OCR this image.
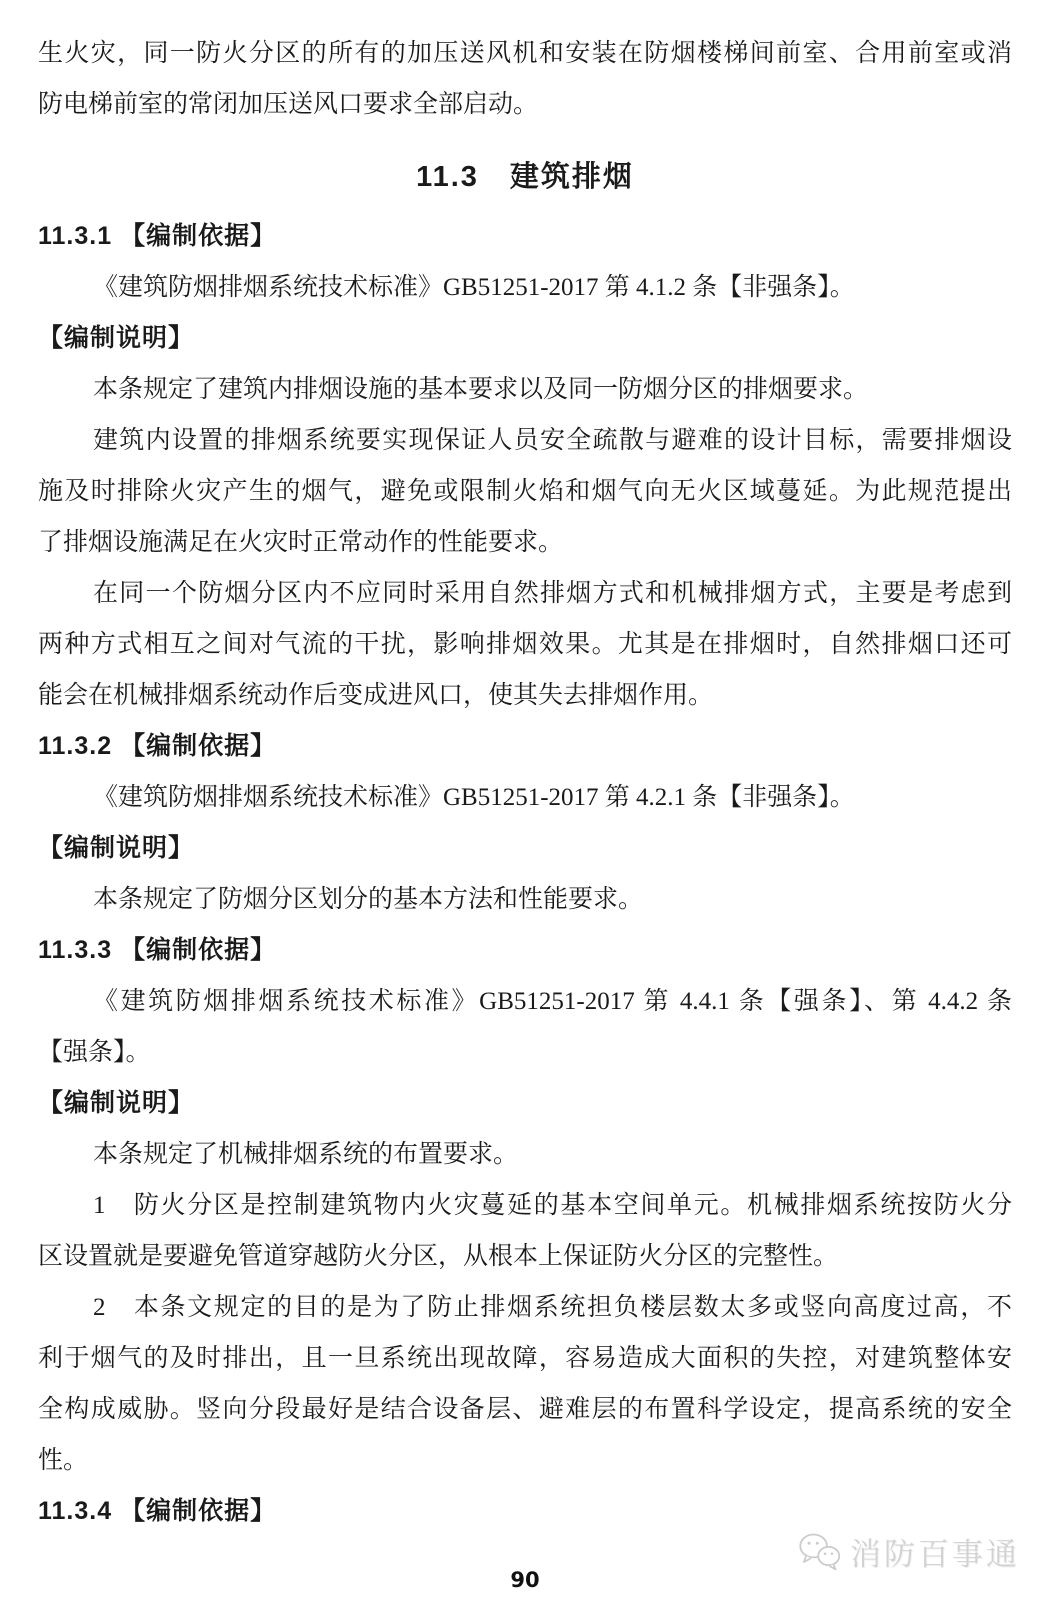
生火灾，同一防火分区的所有的加压送风机和安装在防烟楼梯间前室、合用前室或消
防电梯前室的常闭加压送风口要求全部启动。
11.3　建筑排烟
11.3.1 【编制依据】
《建筑防烟排烟系统技术标准》GB51251-2017 第 4.1.2 条【非强条】。
【编制说明】
本条规定了建筑内排烟设施的基本要求以及同一防烟分区的排烟要求。
建筑内设置的排烟系统要实现保证人员安全疏散与避难的设计目标，需要排烟设
施及时排除火灾产生的烟气，避免或限制火焰和烟气向无火区域蔓延。为此规范提出
了排烟设施满足在火灾时正常动作的性能要求。
在同一个防烟分区内不应同时采用自然排烟方式和机械排烟方式，主要是考虑到
两种方式相互之间对气流的干扰，影响排烟效果。尤其是在排烟时，自然排烟口还可
能会在机械排烟系统动作后变成进风口，使其失去排烟作用。
11.3.2 【编制依据】
《建筑防烟排烟系统技术标准》GB51251-2017 第 4.2.1 条【非强条】。
【编制说明】
本条规定了防烟分区划分的基本方法和性能要求。
11.3.3 【编制依据】
《建筑防烟排烟系统技术标准》GB51251-2017 第 4.4.1 条【强条】、第 4.4.2 条
【强条】。
【编制说明】
本条规定了机械排烟系统的布置要求。
1　防火分区是控制建筑物内火灾蔓延的基本空间单元。机械排烟系统按防火分
区设置就是要避免管道穿越防火分区，从根本上保证防火分区的完整性。
2　本条文规定的目的是为了防止排烟系统担负楼层数太多或竖向高度过高，不
利于烟气的及时排出，且一旦系统出现故障，容易造成大面积的失控，对建筑整体安
全构成威胁。竖向分段最好是结合设备层、避难层的布置科学设定，提高系统的安全
性。
11.3.4 【编制依据】
消防百事通
90
